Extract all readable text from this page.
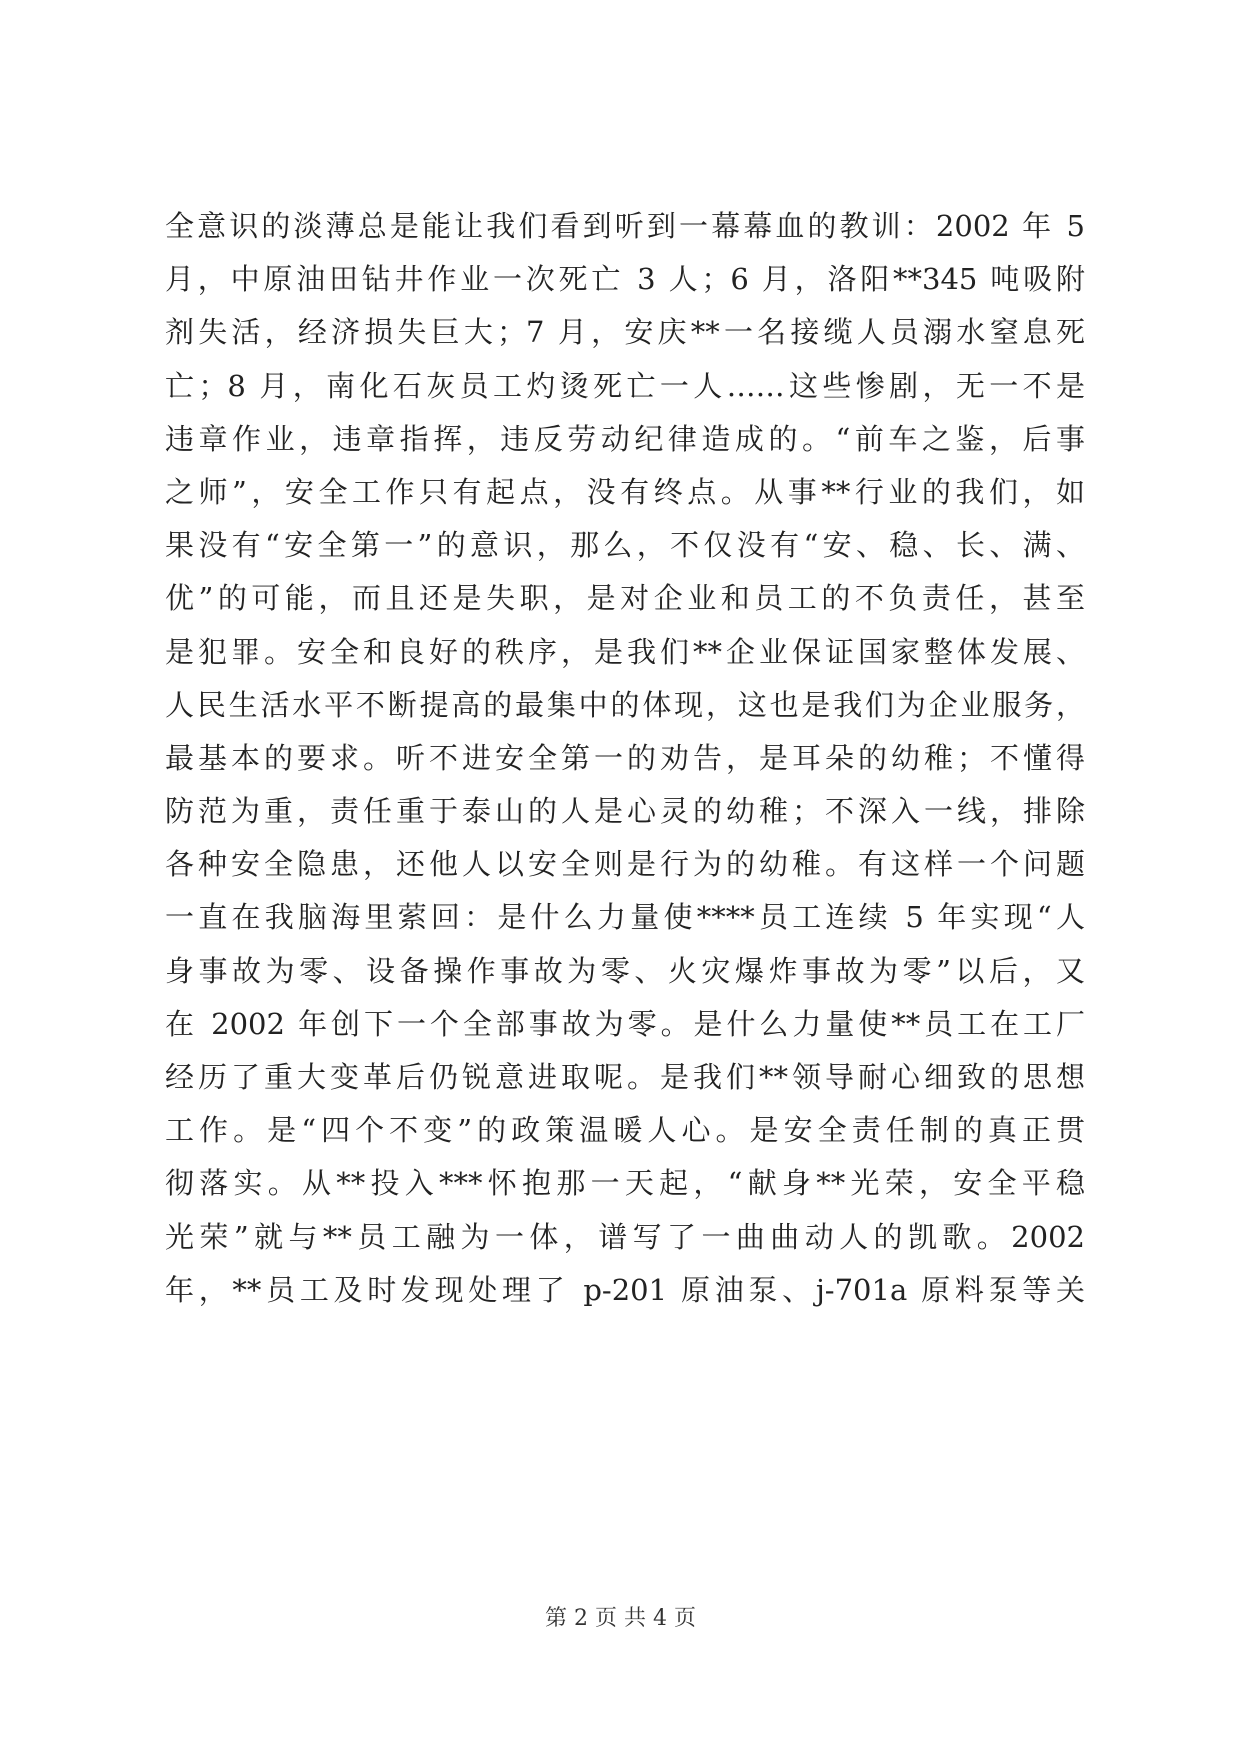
全意识的淡薄总是能让我们看到听到一幕幕血的教训：2002 年 5
月，中原油田钻井作业一次死亡 3 人；6 月，洛阳**345 吨吸附
剂失活，经济损失巨大；7 月，安庆**一名接缆人员溺水窒息死
亡；8 月，南化石灰员工灼烫死亡一人……这些惨剧，无一不是
违章作业，违章指挥，违反劳动纪律造成的。“前车之鉴，后事
之师”，安全工作只有起点，没有终点。从事**行业的我们，如
果没有“安全第一”的意识，那么，不仅没有“安、稳、长、满、
优”的可能，而且还是失职，是对企业和员工的不负责任，甚至
是犯罪。安全和良好的秩序，是我们**企业保证国家整体发展、
人民生活水平不断提高的最集中的体现，这也是我们为企业服务，
最基本的要求。听不进安全第一的劝告，是耳朵的幼稚；不懂得
防范为重，责任重于泰山的人是心灵的幼稚；不深入一线，排除
各种安全隐患，还他人以安全则是行为的幼稚。有这样一个问题
一直在我脑海里萦回：是什么力量使****员工连续 5 年实现“人
身事故为零、设备操作事故为零、火灾爆炸事故为零”以后，又
在 2002 年创下一个全部事故为零。是什么力量使**员工在工厂
经历了重大变革后仍锐意进取呢。是我们**领导耐心细致的思想
工作。是“四个不变”的政策温暖人心。是安全责任制的真正贯
彻落实。从**投入***怀抱那一天起，“献身**光荣，安全平稳
光荣”就与**员工融为一体，谱写了一曲曲动人的凯歌。2002
年，**员工及时发现处理了 p-201 原油泵、j-701a 原料泵等关
第 2 页 共 4 页
